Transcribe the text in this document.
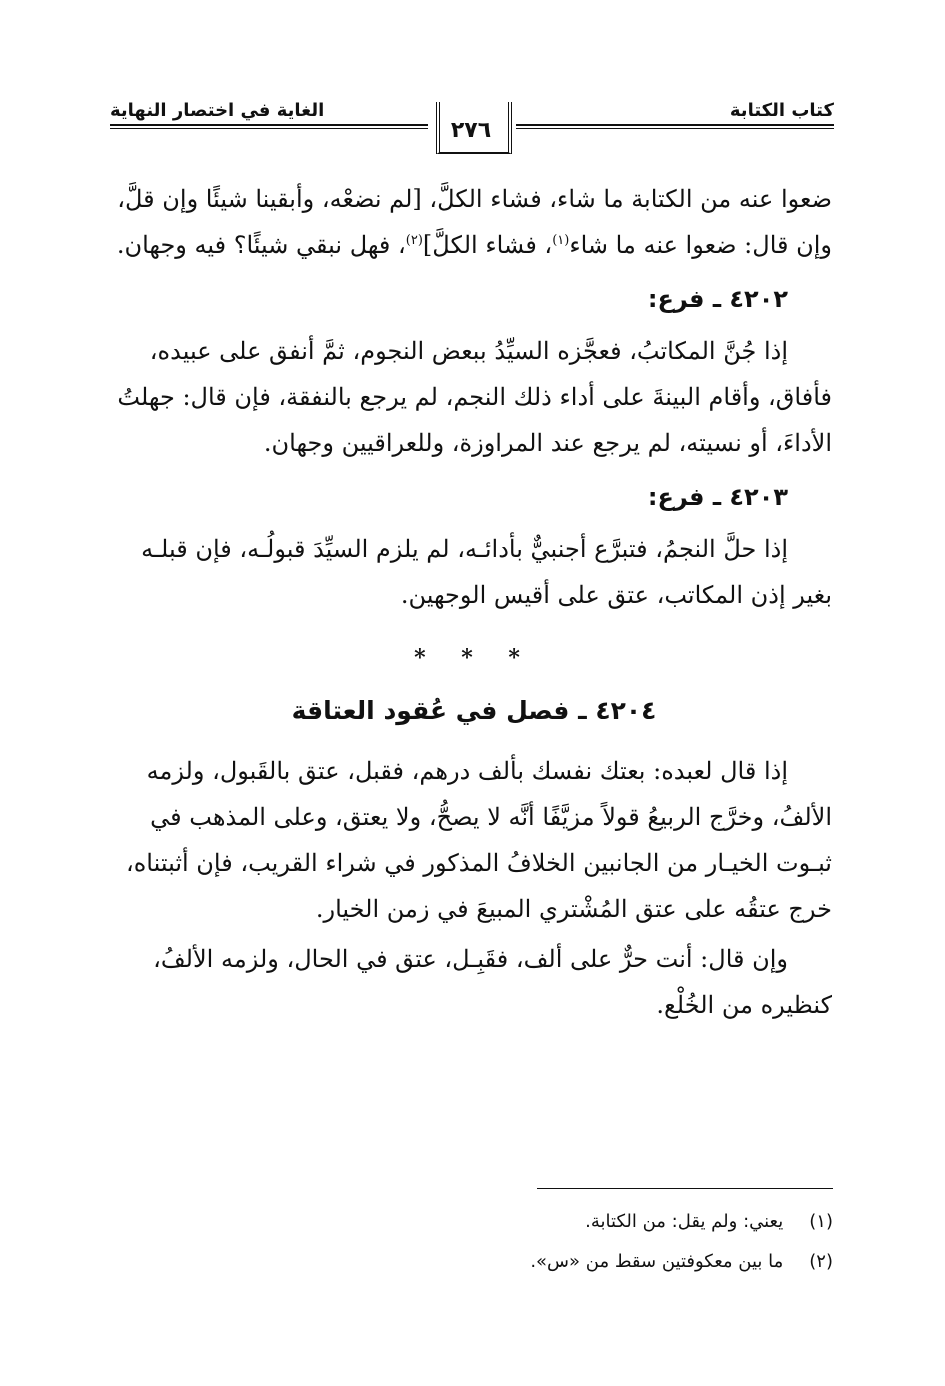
كتاب الكتابة
الغاية في اختصار النهاية
٢٧٦
ضعوا عنه من الكتابة ما شاء، فشاء الكلَّ، [لم نضعْه، وأبقينا شيئًا وإن قلَّ،
وإن قال: ضعوا عنه ما شاء$^{(١)}$، فشاء الكلَّ]$^{(٢)}$، فهل نبقي شيئًا؟ فيه وجهان.
٤٢٠٢ ـ فرع:
إذا جُنَّ المكاتبُ، فعجَّزه السيِّدُ ببعض النجوم، ثمَّ أنفق على عبيده،
فأفاق، وأقام البينةَ على أداء ذلك النجم، لم يرجع بالنفقة، فإن قال: جهلتُ
الأداءَ، أو نسيته، لم يرجع عند المراوزة، وللعراقيين وجهان.
٤٢٠٣ ـ فرع:
إذا حلَّ النجمُ، فتبرَّع أجنبيٌّ بأدائـه، لم يلزم السيِّدَ قبولُـه، فإن قبلـه
بغير إذن المكاتب، عتق على أقيس الوجهين.
* * *
٤٢٠٤ ـ فصل في عُقود العتاقة
إذا قال لعبده: بعتك نفسك بألف درهم، فقبل، عتق بالقَبول، ولزمه
الألفُ، وخرَّج الربيعُ قولاً مزيَّفًا أنَّه لا يصحُّ، ولا يعتق، وعلى المذهب في
ثبـوت الخيـار من الجانبين الخلافُ المذكور في شراء القريب، فإن أثبتناه،
خرج عتقُه على عتق المُشْتري المبيعَ في زمن الخيار.
وإن قال: أنت حرٌّ على ألف، فقَبِـل، عتق في الحال، ولزمه الألفُ،
كنظيره من الخُلْع.
(١) يعني: ولم يقل: من الكتابة.
(٢) ما بين معكوفتين سقط من «س».
